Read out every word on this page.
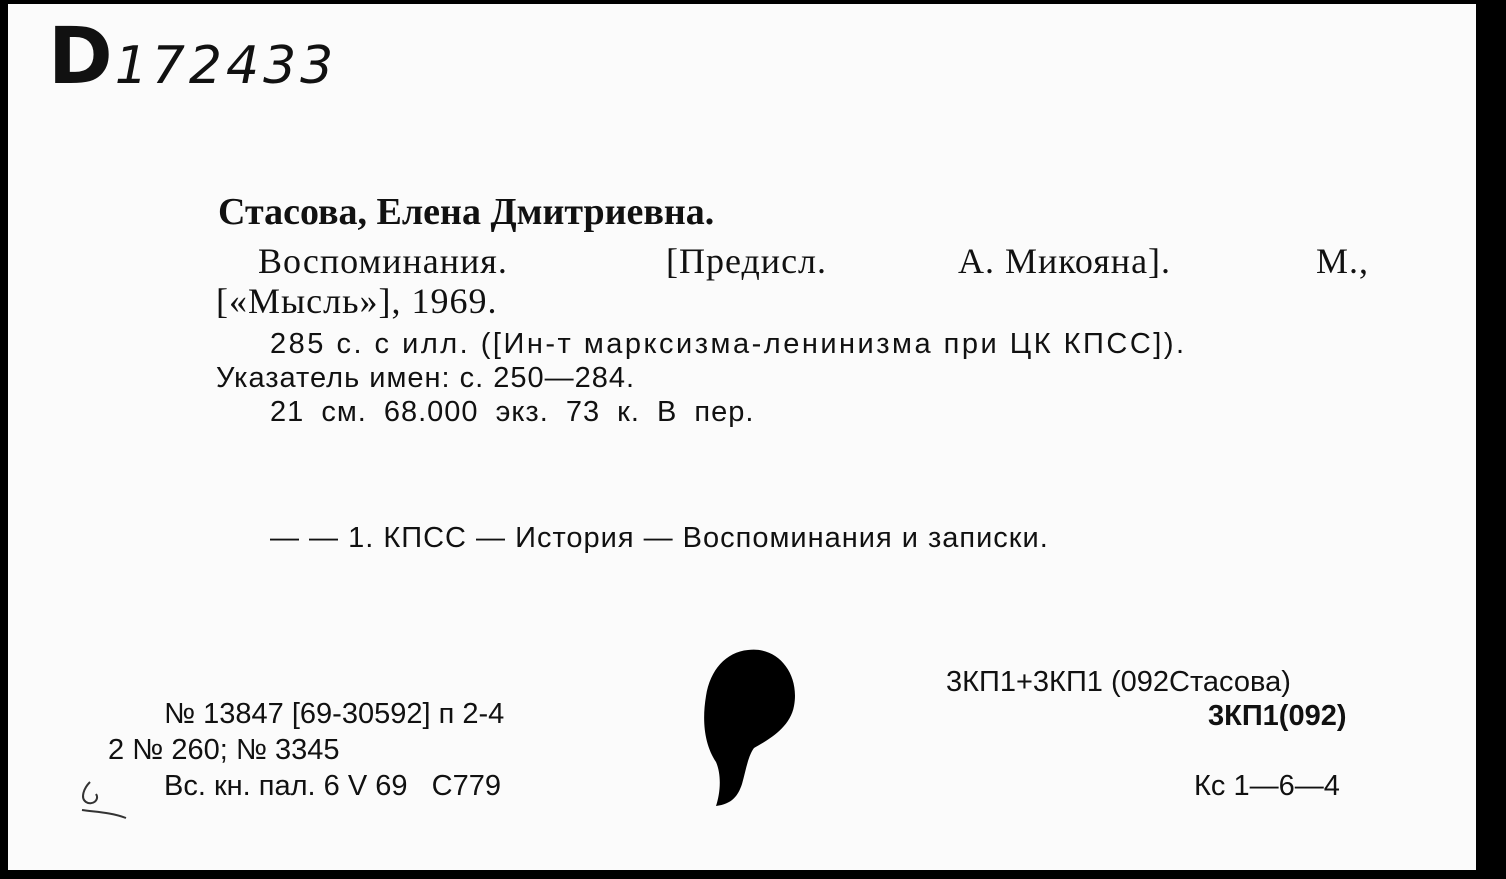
D172433
Стасова, Елена Дмитриевна.
Воспоминания.	[Предисл.	А. Микояна].	М.,
[«Мысль»], 1969.
285 с. с илл. ([Ин-т марксизма-ленинизма при ЦК КПСС]).
Указатель имен: с. 250—284.
21 см. 68.000 экз. 73 к. В пер.
— — 1. КПСС — История — Воспоминания и записки.
№ 13847 [69-30592] п 2-4
2 № 260; № 3345
Вс. кн. пал. 6 V 69   С779
3КП1+3КП1 (092Стасова)
3КП1(092)
Кс 1—6—4
